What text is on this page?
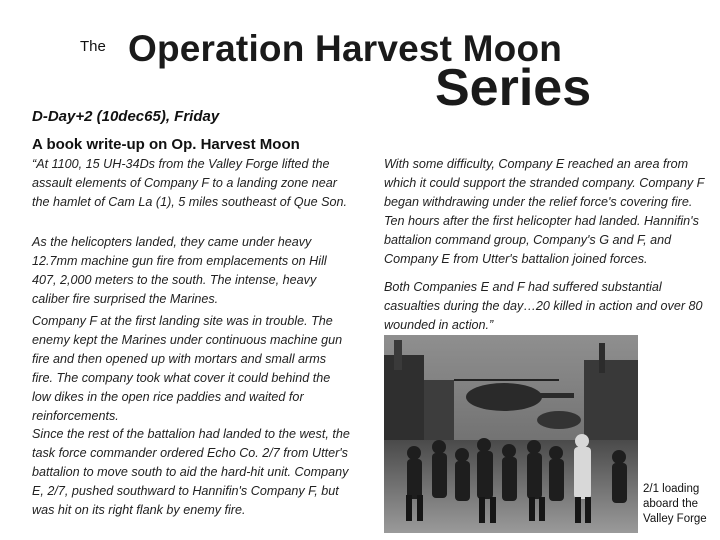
The Operation Harvest Moon
Series
D-Day+2 (10dec65), Friday
A book write-up on Op. Harvest Moon

“At 1100, 15 UH-34Ds from the Valley Forge lifted the assault elements of Company F to a landing zone near the hamlet of Cam La (1), 5 miles southeast of Que Son.

As the helicopters landed, they came under heavy 12.7mm machine gun fire from emplacements on Hill 407, 2,000 meters to the south. The intense, heavy caliber fire surprised the Marines.

Company F at the first landing site was in trouble. The enemy kept the Marines under continuous machine gun fire and then opened up with mortars and small arms fire. The company took what cover it could behind the low dikes in the open rice paddies and waited for reinforcements.

Since the rest of the battalion had landed to the west, the task force commander ordered Echo Co. 2/7 from Utter's battalion to move south to aid the hard-hit unit. Company E, 2/7, pushed southward to Hannifin's Company F, but was hit on its right flank by enemy fire.

With some difficulty, Company E reached an area from which it could support the stranded company. Company F began withdrawing under the relief force's covering fire. Ten hours after the first helicopter had landed. Hannifin's battalion command group, Company's G and F, and Company E from Utter's battalion joined forces.

Both Companies E and F had suffered substantial casualties during the day…20 killed in action and over 80 wounded in action.”

2/1 loading
aboard the
Valley Forge
